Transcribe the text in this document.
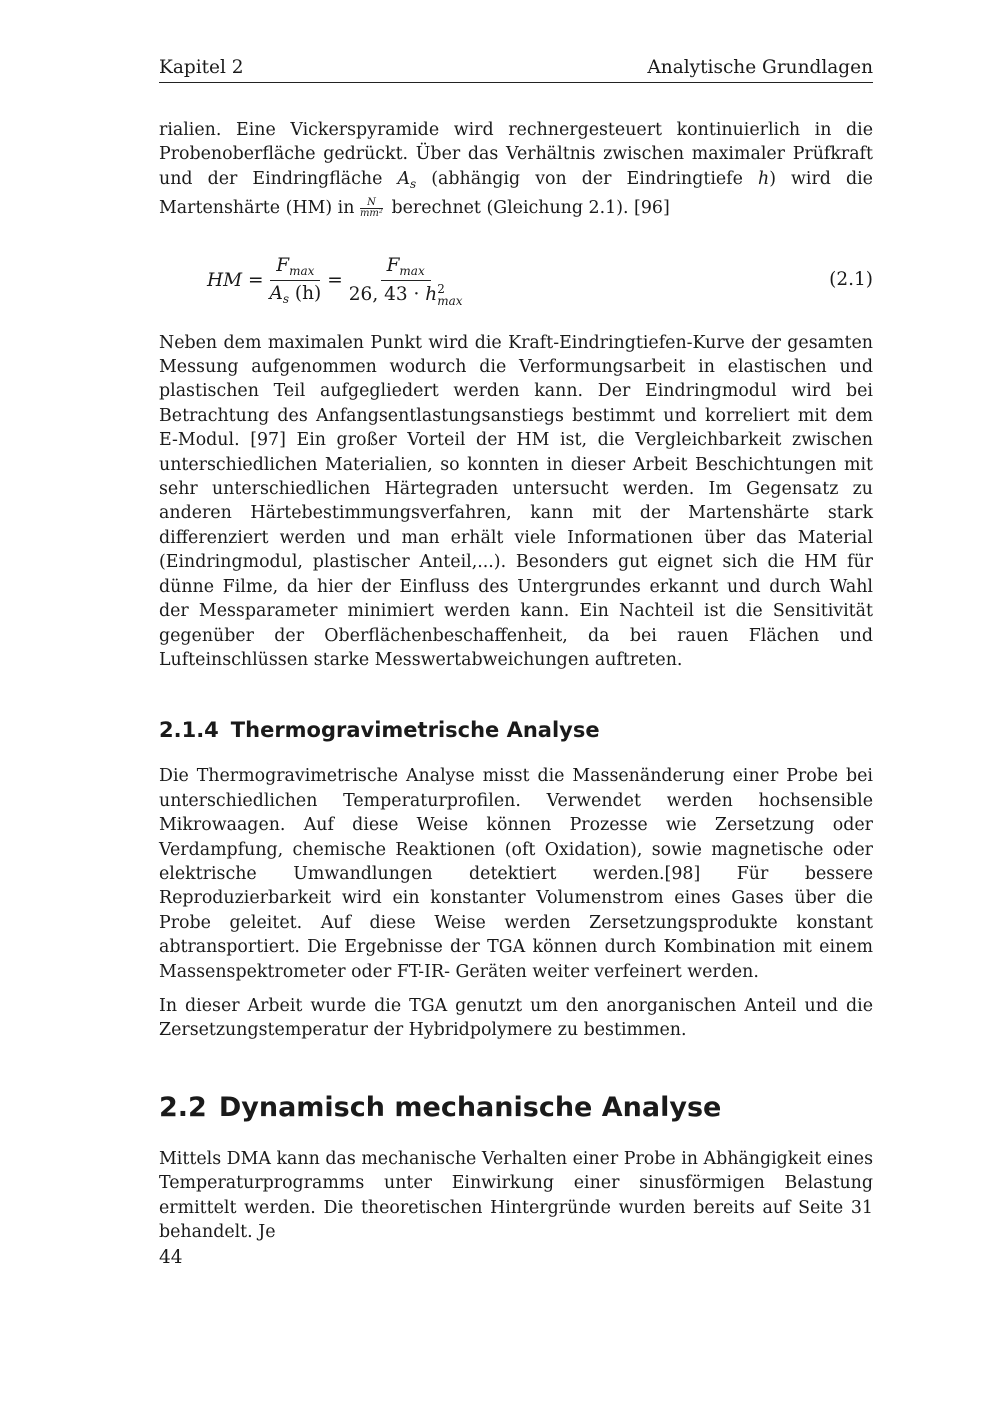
Kapitel 2	Analytische Grundlagen

rialien. Eine Vickerspyramide wird rechnergesteuert kontinuierlich in die Probenoberfläche gedrückt. Über das Verhältnis zwischen maximaler Prüfkraft und der Eindringfläche $A_s$ (abhängig von der Eindringtiefe h) wird die Martenshärte (HM) in $\frac{N}{\text{mm²}}$ berechnet (Gleichung 2.1). [96]

HM = $\frac{F_{max}}{A_s (h)} = F_{max}$
26, 43 · h 2
max	(2.1)

Neben dem maximalen Punkt wird die Kraft-Eindringtiefen-Kurve der gesamten Messung aufgenommen wodurch die Verformungsarbeit in elastischen und plastischen Teil aufgegliedert werden kann. Der Eindringmodul wird bei Betrachtung des Anfangsentlastungsanstiegs bestimmt und korreliert mit dem E-Modul. [97] Ein großer Vorteil der HM ist, die Vergleichbarkeit zwischen unterschiedlichen Materialien, so konnten in dieser Arbeit Beschichtungen mit sehr unterschiedlichen Härtegraden untersucht werden. Im Gegensatz zu anderen Härtebestimmungsverfahren, kann mit der Martenshärte stark differenziert werden und man erhält viele Informationen über das Material (Eindringmodul, plastischer Anteil,...). Besonders gut eignet sich die HM für dünne Filme, da hier der Einfluss des Untergrundes erkannt und durch Wahl der Messparameter minimiert werden kann. Ein Nachteil ist die Sensitivität gegenüber der Oberflächenbeschaffenheit, da bei rauen Flächen und Lufteinschlüssen starke Messwertabweichungen auftreten.

2.1.4 Thermogravimetrische Analyse

Die Thermogravimetrische Analyse misst die Massenänderung einer Probe bei unterschiedlichen Temperaturprofilen. Verwendet werden hochsensible Mikrowaagen. Auf diese Weise können Prozesse wie Zersetzung oder Verdampfung, chemische Reaktionen (oft Oxidation), sowie magnetische oder elektrische Umwandlungen detektiert werden.[98] Für bessere Reproduzierbarkeit wird ein konstanter Volumenstrom eines Gases über die Probe geleitet. Auf diese Weise werden Zersetzungsprodukte konstant abtransportiert. Die Ergebnisse der TGA können durch Kombination mit einem Massenspektrometer oder FT-IR- Geräten weiter verfeinert werden.

In dieser Arbeit wurde die TGA genutzt um den anorganischen Anteil und die Zersetzungstemperatur der Hybridpolymere zu bestimmen.

2.2 Dynamisch mechanische Analyse

Mittels DMA kann das mechanische Verhalten einer Probe in Abhängigkeit eines Temperaturprogramms unter Einwirkung einer sinusförmigen Belastung ermittelt werden. Die theoretischen Hintergründe wurden bereits auf Seite 31 behandelt. Je

44
